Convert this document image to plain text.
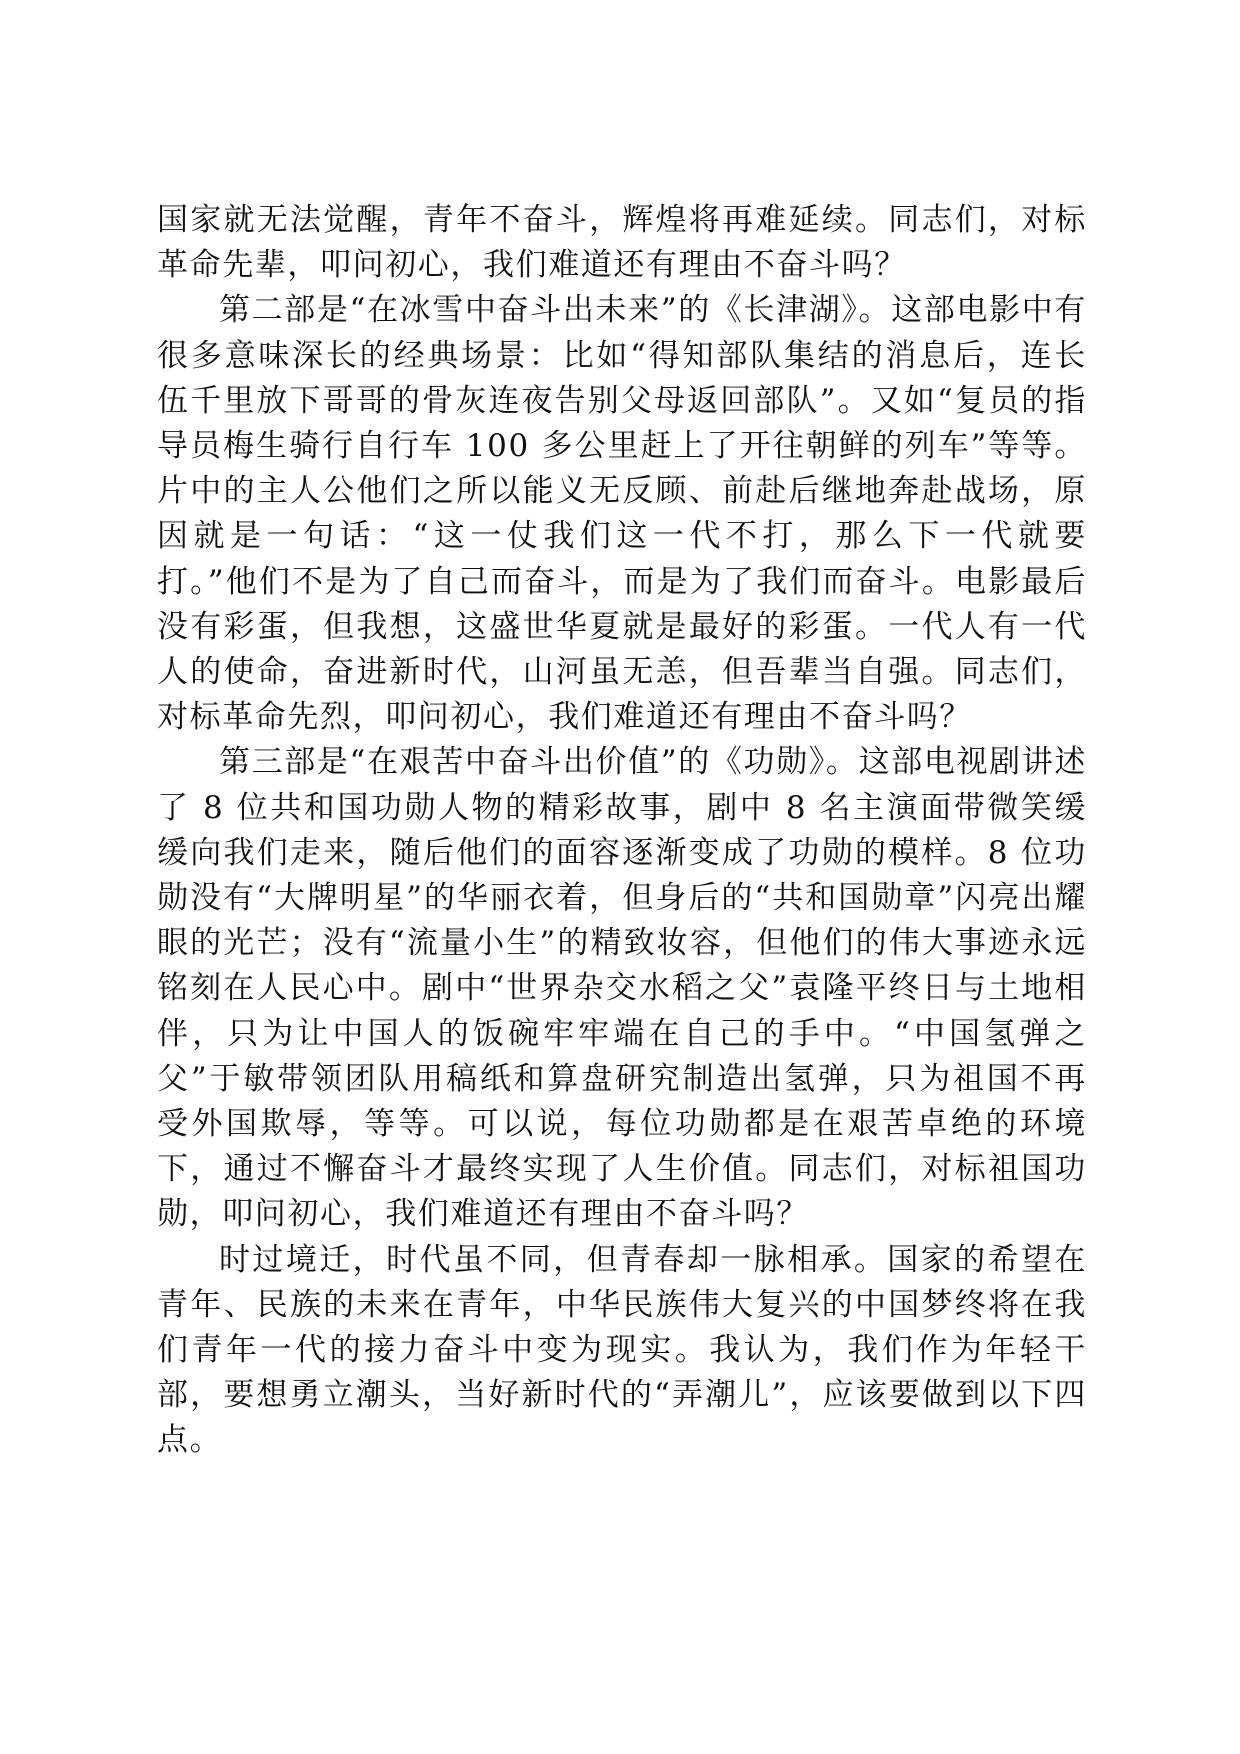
国家就无法觉醒，青年不奋斗，辉煌将再难延续。同志们，对标革命先辈，叩问初心，我们难道还有理由不奋斗吗？

第二部是“在冰雪中奋斗出未来”的《长津湖》。这部电影中有很多意味深长的经典场景：比如“得知部队集结的消息后，连长伍千里放下哥哥的骨灰连夜告别父母返回部队”。又如“复员的指导员梅生骑行自行车 100 多公里赶上了开往朝鲜的列车”等等。片中的主人公他们之所以能义无反顾、前赴后继地奔赴战场，原因就是一句话：“这一仗我们这一代不打，那么下一代就要打。”他们不是为了自己而奋斗，而是为了我们而奋斗。电影最后没有彩蛋，但我想，这盛世华夏就是最好的彩蛋。一代人有一代人的使命，奋进新时代，山河虽无恙，但吾辈当自强。同志们，对标革命先烈，叩问初心，我们难道还有理由不奋斗吗？

第三部是“在艰苦中奋斗出价值”的《功勋》。这部电视剧讲述了 8 位共和国功勋人物的精彩故事，剧中 8 名主演面带微笑缓缓向我们走来，随后他们的面容逐渐变成了功勋的模样。8 位功勋没有“大牌明星”的华丽衣着，但身后的“共和国勋章”闪亮出耀眼的光芒；没有“流量小生”的精致妆容，但他们的伟大事迹永远铭刻在人民心中。剧中“世界杂交水稻之父”袁隆平终日与土地相伴，只为让中国人的饭碗牢牢端在自己的手中。“中国氢弹之父”于敏带领团队用稿纸和算盘研究制造出氢弹，只为祖国不再受外国欺辱，等等。可以说，每位功勋都是在艰苦卓绝的环境下，通过不懈奋斗才最终实现了人生价值。同志们，对标祖国功勋，叩问初心，我们难道还有理由不奋斗吗？

时过境迁，时代虽不同，但青春却一脉相承。国家的希望在青年、民族的未来在青年，中华民族伟大复兴的中国梦终将在我们青年一代的接力奋斗中变为现实。我认为，我们作为年轻干部，要想勇立潮头，当好新时代的“弄潮儿”，应该要做到以下四点。
